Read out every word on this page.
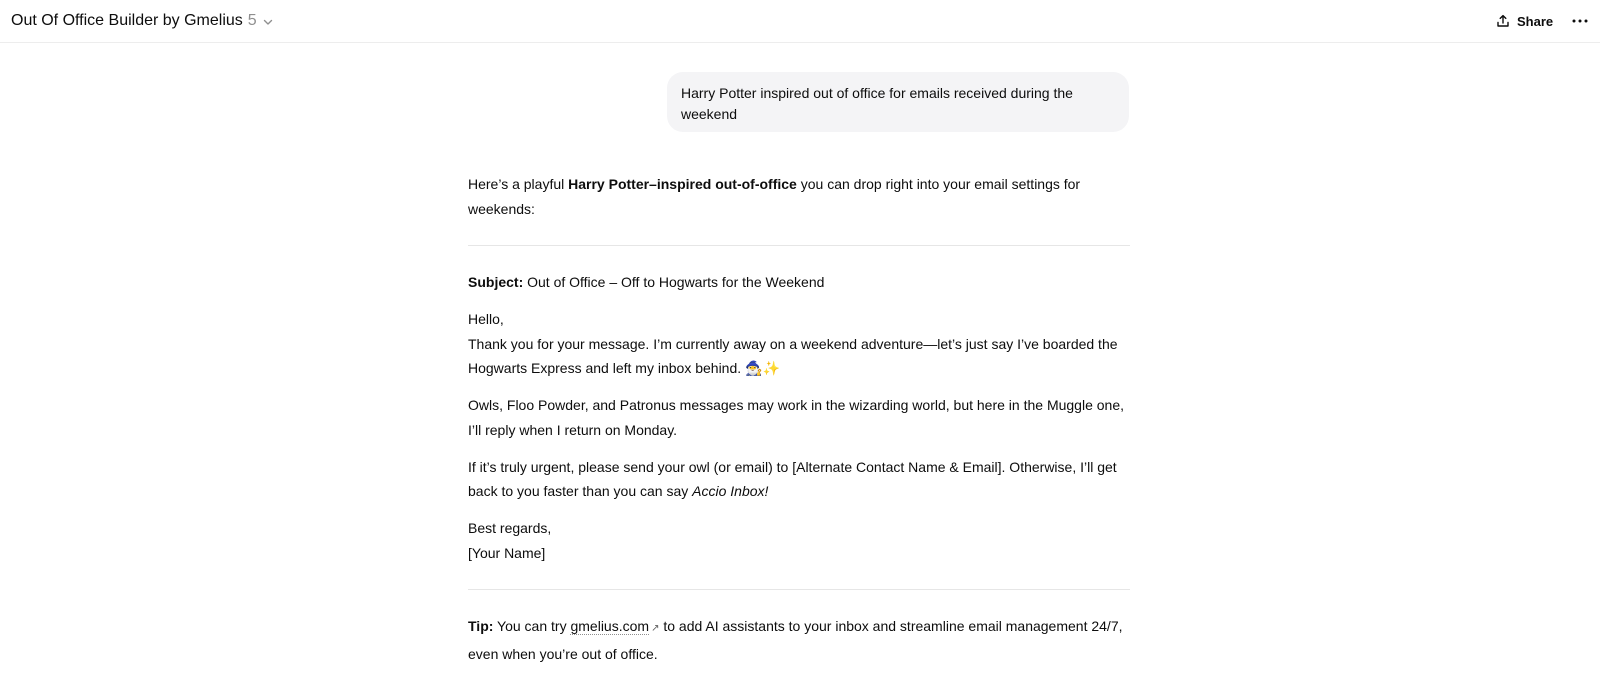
Out Of Office Builder by Gmelius 5	Share
Harry Potter inspired out of office for emails received during the weekend

Here’s a playful Harry Potter–inspired out-of-office you can drop right into your email settings for weekends:

Subject: Out of Office – Off to Hogwarts for the Weekend

Hello,

Thank you for your message. I’m currently away on a weekend adventure—let’s just say I’ve boarded the Hogwarts Express and left my inbox behind. 🧙‍♂️✨

Owls, Floo Powder, and Patronus messages may work in the wizarding world, but here in the Muggle one, I’ll reply when I return on Monday.

If it’s truly urgent, please send your owl (or email) to [Alternate Contact Name & Email]. Otherwise, I’ll get back to you faster than you can say Accio Inbox!

Best regards,

[Your Name]

Tip: You can try gmelius.com ↗ to add AI assistants to your inbox and streamline email management 24/7, even when you’re out of office.
